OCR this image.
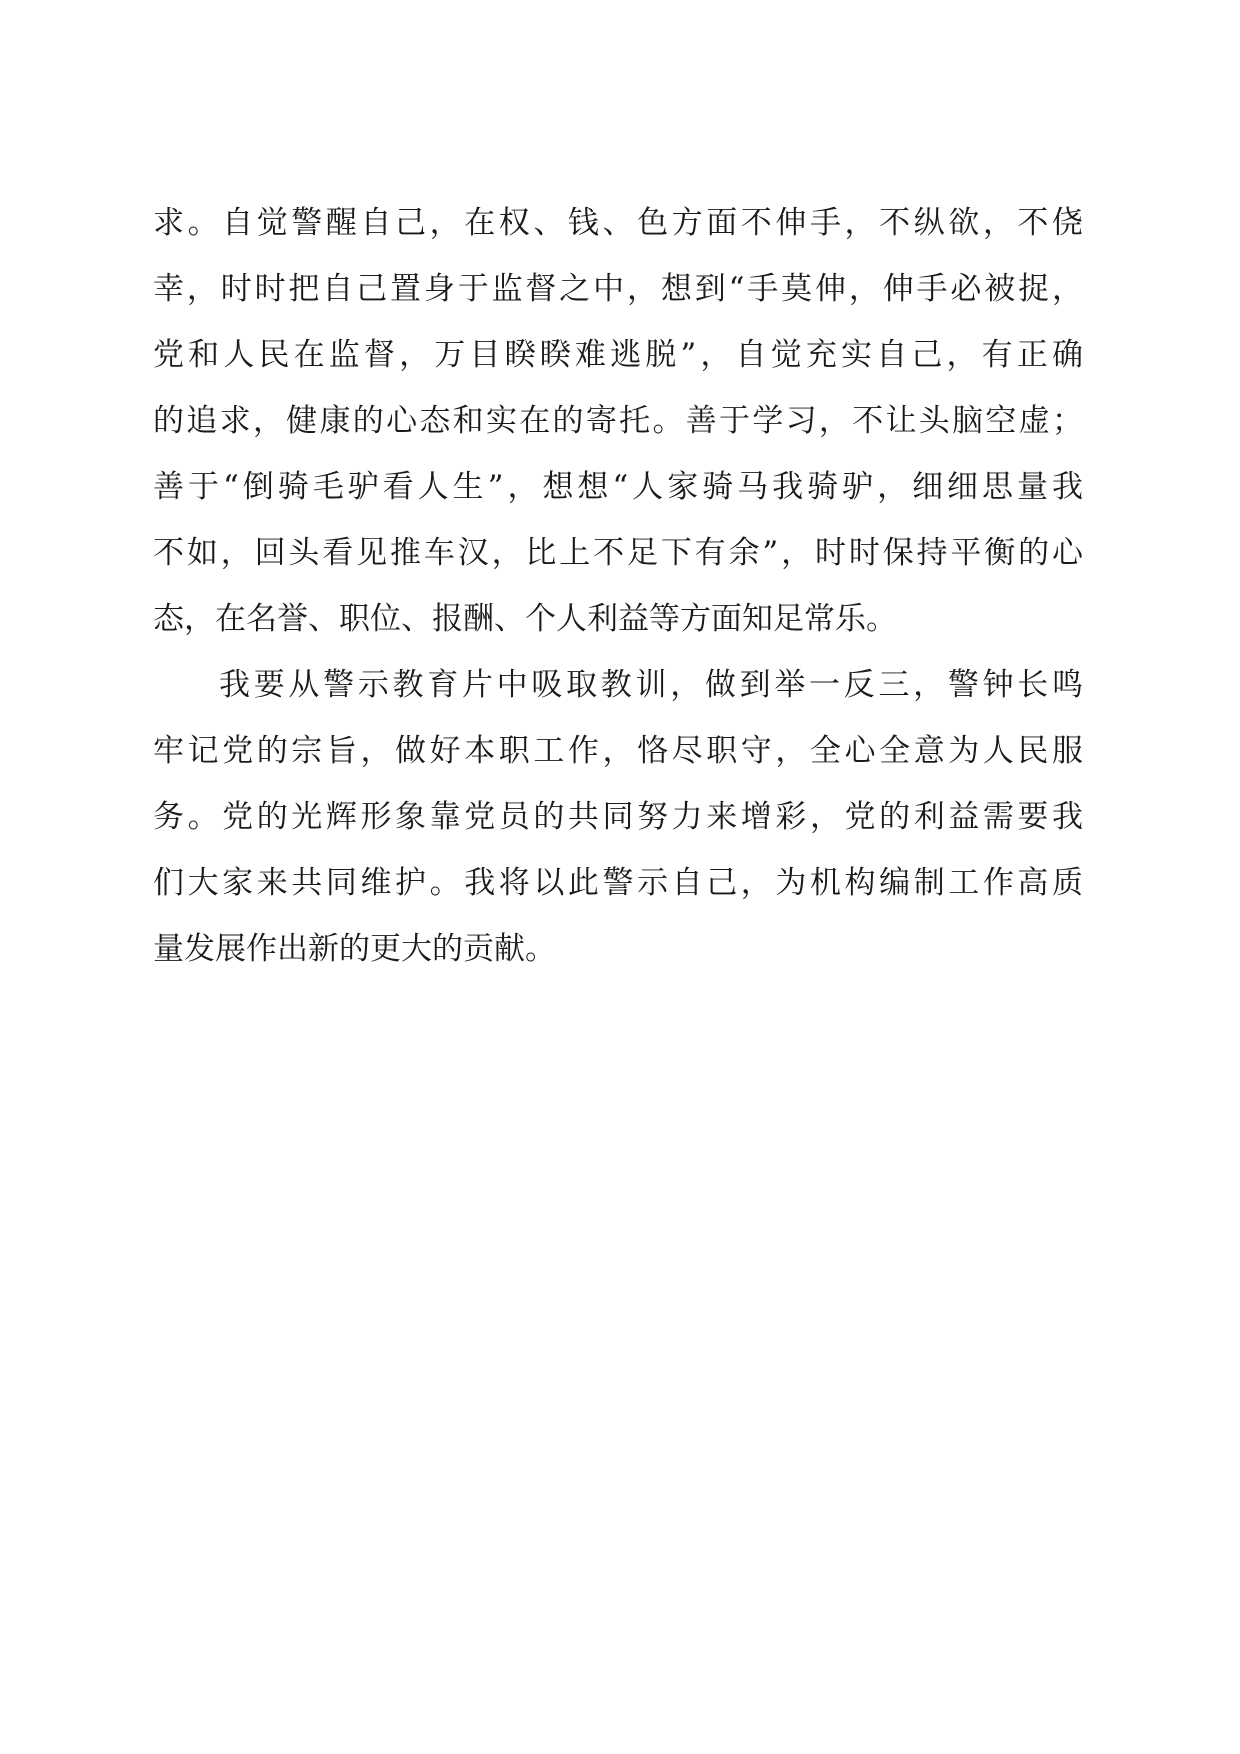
求。自觉警醒自己，在权、钱、色方面不伸手，不纵欲，不侥
幸，时时把自己置身于监督之中，想到“手莫伸，伸手必被捉，
党和人民在监督，万目睽睽难逃脱”，自觉充实自己，有正确
的追求，健康的心态和实在的寄托。善于学习，不让头脑空虚；
善于“倒骑毛驴看人生”，想想“人家骑马我骑驴，细细思量我
不如，回头看见推车汉，比上不足下有余”，时时保持平衡的心
态，在名誉、职位、报酬、个人利益等方面知足常乐。
我要从警示教育片中吸取教训，做到举一反三，警钟长鸣
牢记党的宗旨，做好本职工作，恪尽职守，全心全意为人民服
务。党的光辉形象靠党员的共同努力来增彩，党的利益需要我
们大家来共同维护。我将以此警示自己，为机构编制工作高质
量发展作出新的更大的贡献。
